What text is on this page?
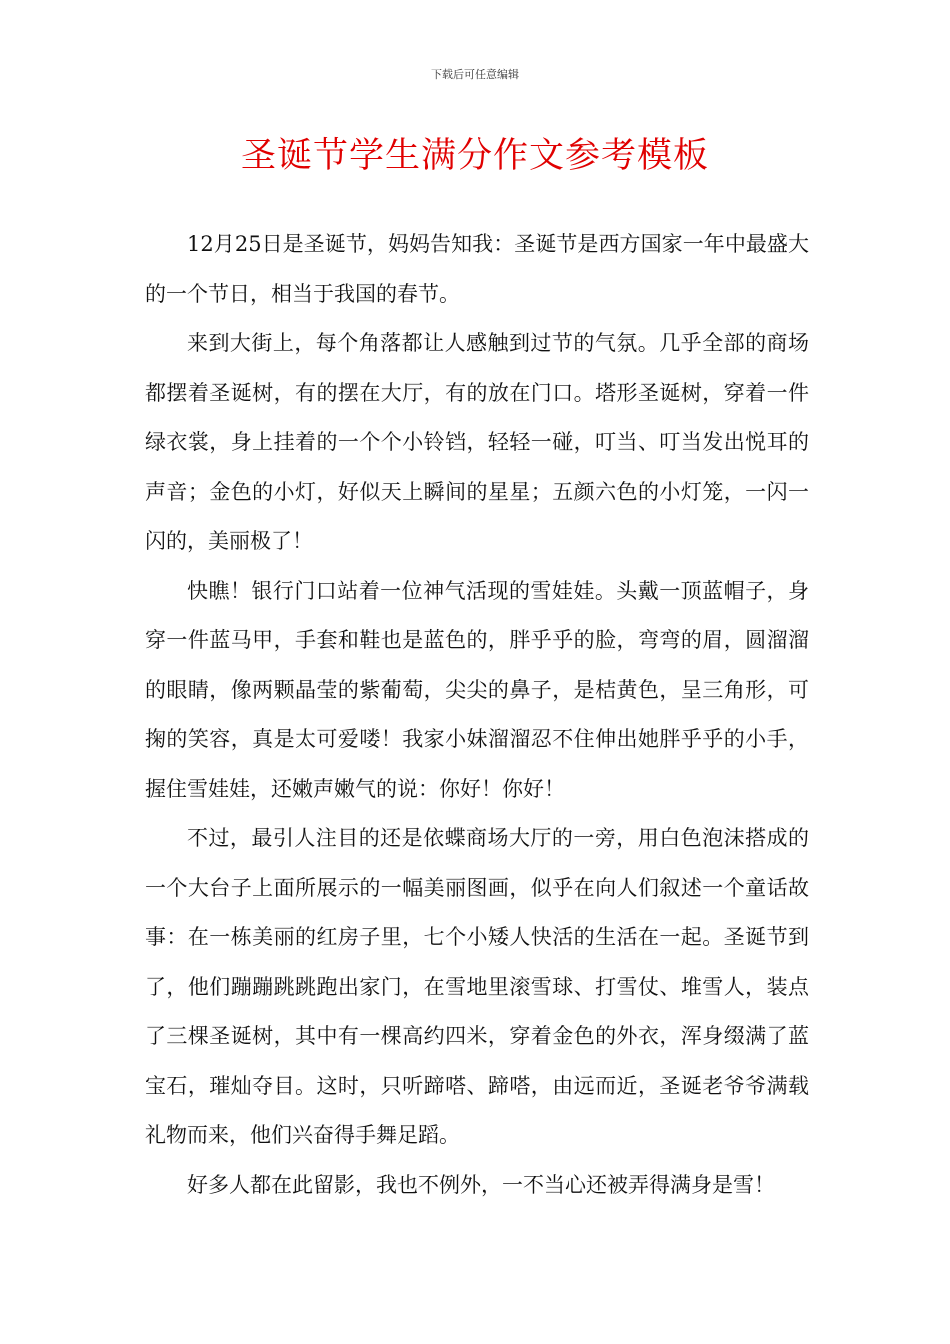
下载后可任意编辑
圣诞节学生满分作文参考模板

12月25日是圣诞节，妈妈告知我：圣诞节是西方国家一年中最盛大的一个节日，相当于我国的春节。

来到大街上，每个角落都让人感触到过节的气氛。几乎全部的商场都摆着圣诞树，有的摆在大厅，有的放在门口。塔形圣诞树，穿着一件绿衣裳，身上挂着的一个个小铃铛，轻轻一碰，叮当、叮当发出悦耳的声音；金色的小灯，好似天上瞬间的星星；五颜六色的小灯笼，一闪一闪的，美丽极了！

快瞧！银行门口站着一位神气活现的雪娃娃。头戴一顶蓝帽子，身穿一件蓝马甲，手套和鞋也是蓝色的，胖乎乎的脸，弯弯的眉，圆溜溜的眼睛，像两颗晶莹的紫葡萄，尖尖的鼻子，是桔黄色，呈三角形，可掬的笑容，真是太可爱喽！我家小妹溜溜忍不住伸出她胖乎乎的小手，握住雪娃娃，还嫩声嫩气的说：你好！你好！

不过，最引人注目的还是依蝶商场大厅的一旁，用白色泡沫搭成的一个大台子上面所展示的一幅美丽图画，似乎在向人们叙述一个童话故事：在一栋美丽的红房子里，七个小矮人快活的生活在一起。圣诞节到了，他们蹦蹦跳跳跑出家门，在雪地里滚雪球、打雪仗、堆雪人，装点了三棵圣诞树，其中有一棵高约四米，穿着金色的外衣，浑身缀满了蓝宝石，璀灿夺目。这时，只听蹄嗒、蹄嗒，由远而近，圣诞老爷爷满载礼物而来，他们兴奋得手舞足蹈。

好多人都在此留影，我也不例外，一不当心还被弄得满身是雪！
